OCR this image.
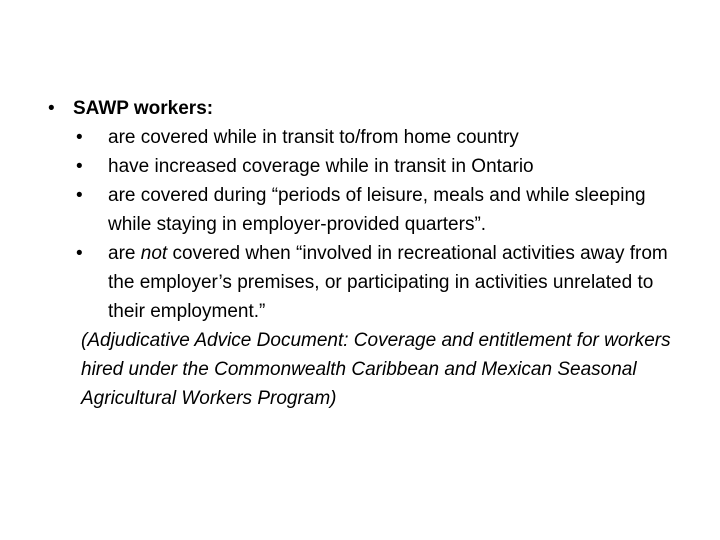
• SAWP workers:
• are covered while in transit to/from home country
• have increased coverage while in transit in Ontario
• are covered during “periods of leisure, meals and while sleeping while staying in employer-provided quarters”.
• are not covered when “involved in recreational activities away from the employer’s premises, or participating in activities unrelated to their employment.”
(Adjudicative Advice Document: Coverage and entitlement for workers hired under the Commonwealth Caribbean and Mexican Seasonal Agricultural Workers Program)
